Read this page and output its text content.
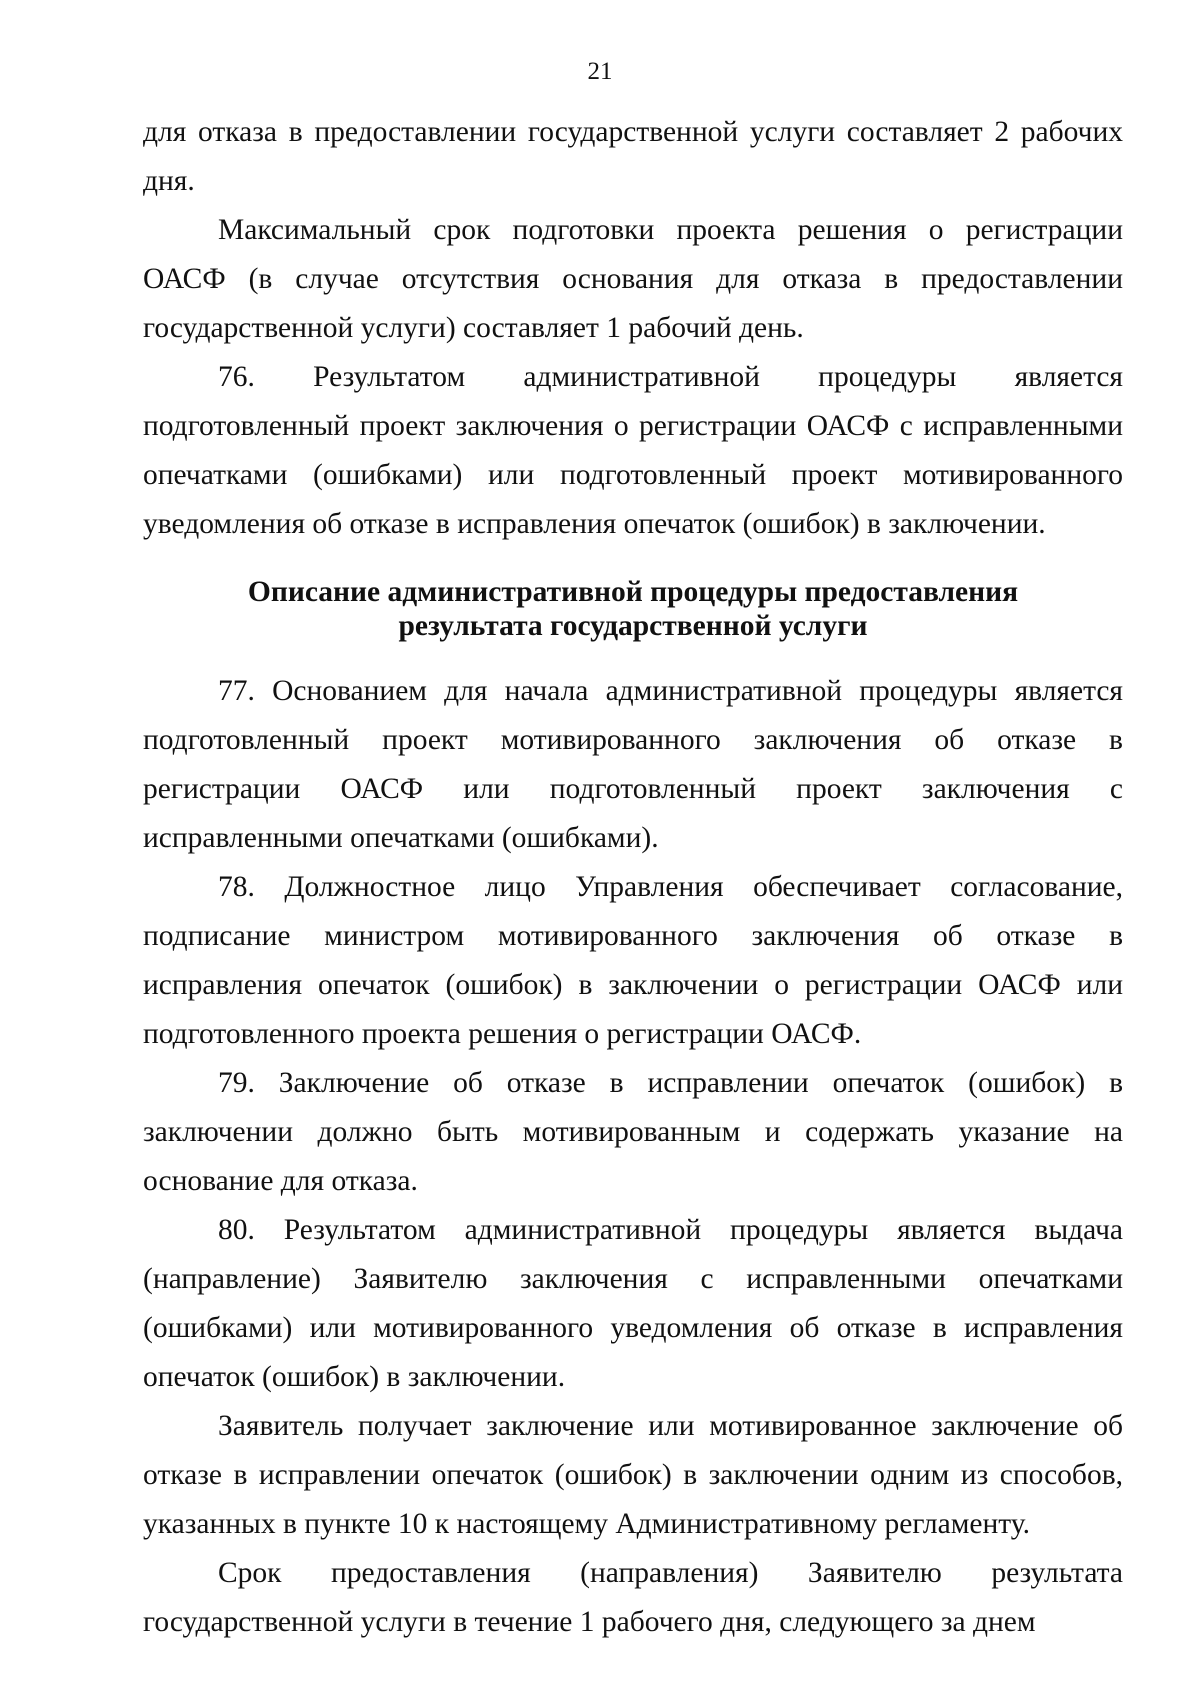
21

для отказа в предоставлении государственной услуги составляет 2 рабочих дня.

Максимальный срок подготовки проекта решения о регистрации ОАСФ (в случае отсутствия основания для отказа в предоставлении государственной услуги) составляет 1 рабочий день.

76. Результатом административной процедуры является подготовленный проект заключения о регистрации ОАСФ с исправленными опечатками (ошибками) или подготовленный проект мотивированного уведомления об отказе в исправления опечаток (ошибок) в заключении.

Описание административной процедуры предоставления
результата государственной услуги

77. Основанием для начала административной процедуры является подготовленный проект мотивированного заключения об отказе в регистрации ОАСФ или подготовленный проект заключения с исправленными опечатками (ошибками).

78. Должностное лицо Управления обеспечивает согласование, подписание министром мотивированного заключения об отказе в исправления опечаток (ошибок) в заключении о регистрации ОАСФ или подготовленного проекта решения о регистрации ОАСФ.

79. Заключение об отказе в исправлении опечаток (ошибок) в заключении должно быть мотивированным и содержать указание на основание для отказа.

80. Результатом административной процедуры является выдача (направление) Заявителю заключения с исправленными опечатками (ошибками) или мотивированного уведомления об отказе в исправления опечаток (ошибок) в заключении.

Заявитель получает заключение или мотивированное заключение об отказе в исправлении опечаток (ошибок) в заключении одним из способов, указанных в пункте 10 к настоящему Административному регламенту.

Срок предоставления (направления) Заявителю результата государственной услуги в течение 1 рабочего дня, следующего за днем
